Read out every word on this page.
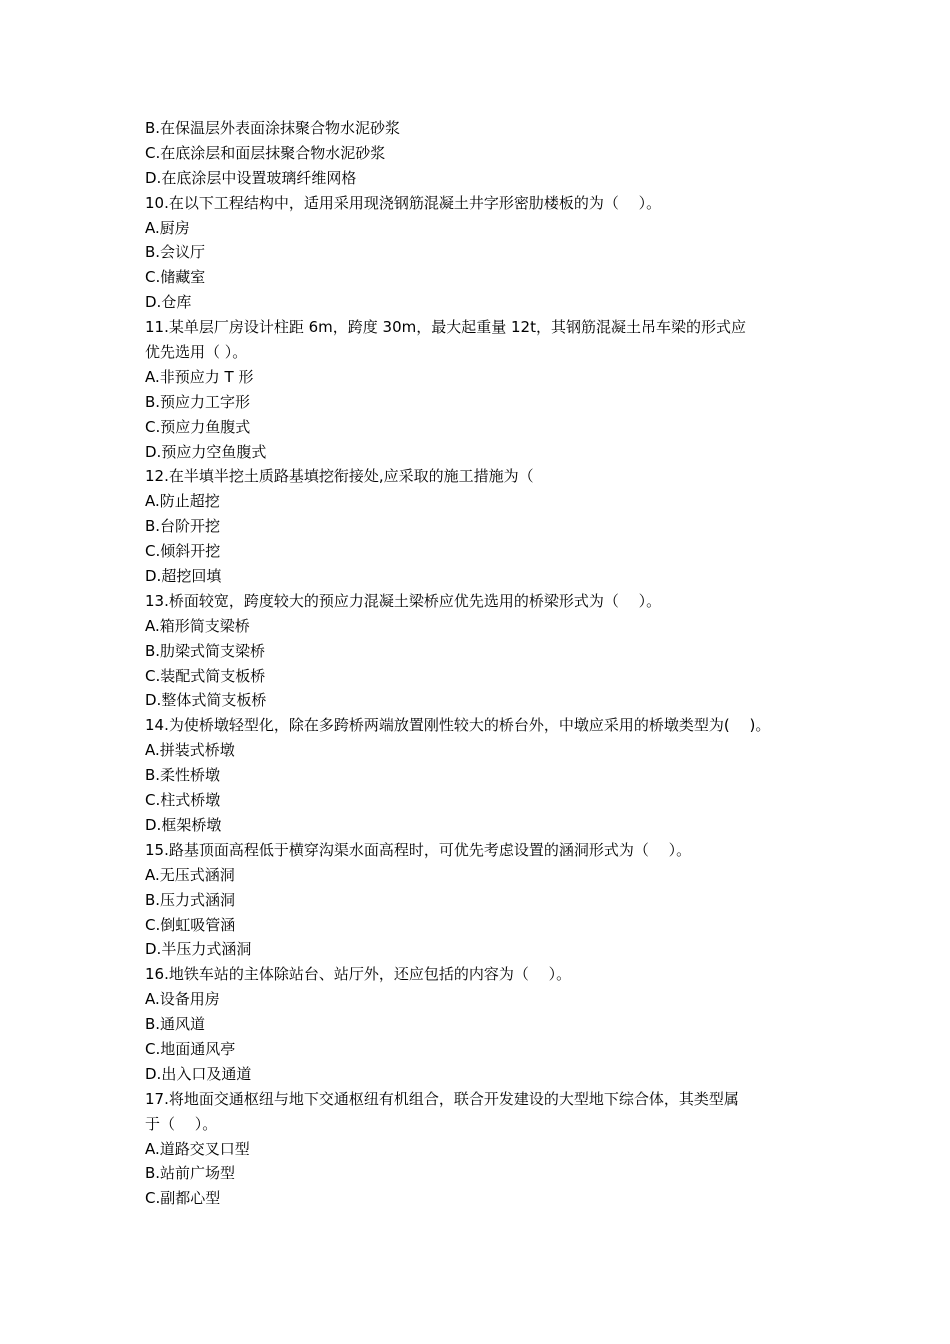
B.在保温层外表面涂抹聚合物水泥砂浆
C.在底涂层和面层抹聚合物水泥砂浆
D.在底涂层中设置玻璃纤维网格
10.在以下工程结构中，适用采用现浇钢筋混凝土井字形密肋楼板的为（　 ）。
A.厨房
B.会议厅
C.储藏室
D.仓库
11.某单层厂房设计柱距 6m，跨度 30m，最大起重量 12t，其钢筋混凝土吊车梁的形式应
优先选用（ ）。
A.非预应力 T 形
B.预应力工字形
C.预应力鱼腹式
D.预应力空鱼腹式
12.在半填半挖土质路基填挖衔接处,应采取的施工措施为（
A.防止超挖
B.台阶开挖
C.倾斜开挖
D.超挖回填
13.桥面较宽，跨度较大的预应力混凝土梁桥应优先选用的桥梁形式为（　 ）。
A.箱形简支梁桥
B.肋梁式简支梁桥
C.装配式简支板桥
D.整体式简支板桥
14.为使桥墩轻型化，除在多跨桥两端放置刚性较大的桥台外，中墩应采用的桥墩类型为(　 )。
A.拼装式桥墩
B.柔性桥墩
C.柱式桥墩
D.框架桥墩
15.路基顶面高程低于横穿沟渠水面高程时，可优先考虑设置的涵洞形式为（　 ）。
A.无压式涵洞
B.压力式涵洞
C.倒虹吸管涵
D.半压力式涵洞
16.地铁车站的主体除站台、站厅外，还应包括的内容为（　 ）。
A.设备用房
B.通风道
C.地面通风亭
D.出入口及通道
17.将地面交通枢纽与地下交通枢纽有机组合，联合开发建设的大型地下综合体，其类型属
于（　 ）。
A.道路交叉口型
B.站前广场型
C.副都心型
